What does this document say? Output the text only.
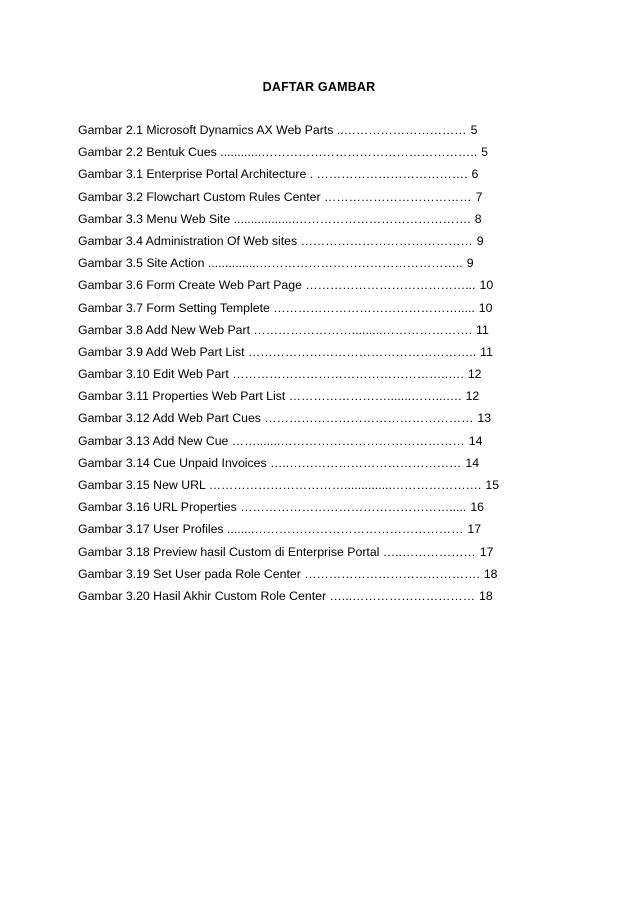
DAFTAR GAMBAR
Gambar 2.1 Microsoft Dynamics AX Web Parts ..………………………… 5
Gambar 2.2 Bentuk Cues ............…………………………………………….. 5
Gambar 3.1 Enterprise Portal Architecture . ………………………………. 6
Gambar 3.2 Flowchart Custom Rules Center ……………………………… 7
Gambar 3.3 Menu Web Site ..................……………………………………. 8
Gambar 3.4 Administration Of Web sites …………………………………… 9
Gambar 3.5 Site Action ...............………………………………………….. 9
Gambar 3.6 Form Create Web Part Page …………………………………... 10
Gambar 3.7 Form Setting Templete ………………………………………..... 10
Gambar 3.8 Add New Web Part …………………….........…………………. 11
Gambar 3.9 Add Web Part List ……………………………………………….. 11
Gambar 3.10 Edit Web Part ……………………………………………..…. 12
Gambar 3.11 Properties Web Part List …………………….......……...…. 12
Gambar 3.12 Add Web Part Cues …………………………………………… 13
Gambar 3.13 Add New Cue …….......……………………………………… 14
Gambar 3.14 Cue Unpaid Invoices …..…………………………………… 14
Gambar 3.15 New URL ……………………………..............…………………. 15
Gambar 3.16 URL Properties ……………………………………………..... 16
Gambar 3.17 User Profiles ........…………………………………………… 17
Gambar 3.18 Preview hasil Custom di Enterprise Portal …..……………… 17
Gambar 3.19 Set User pada Role Center ……………………………………. 18
Gambar 3.20 Hasil Akhir Custom Role Center …...………………………… 18
